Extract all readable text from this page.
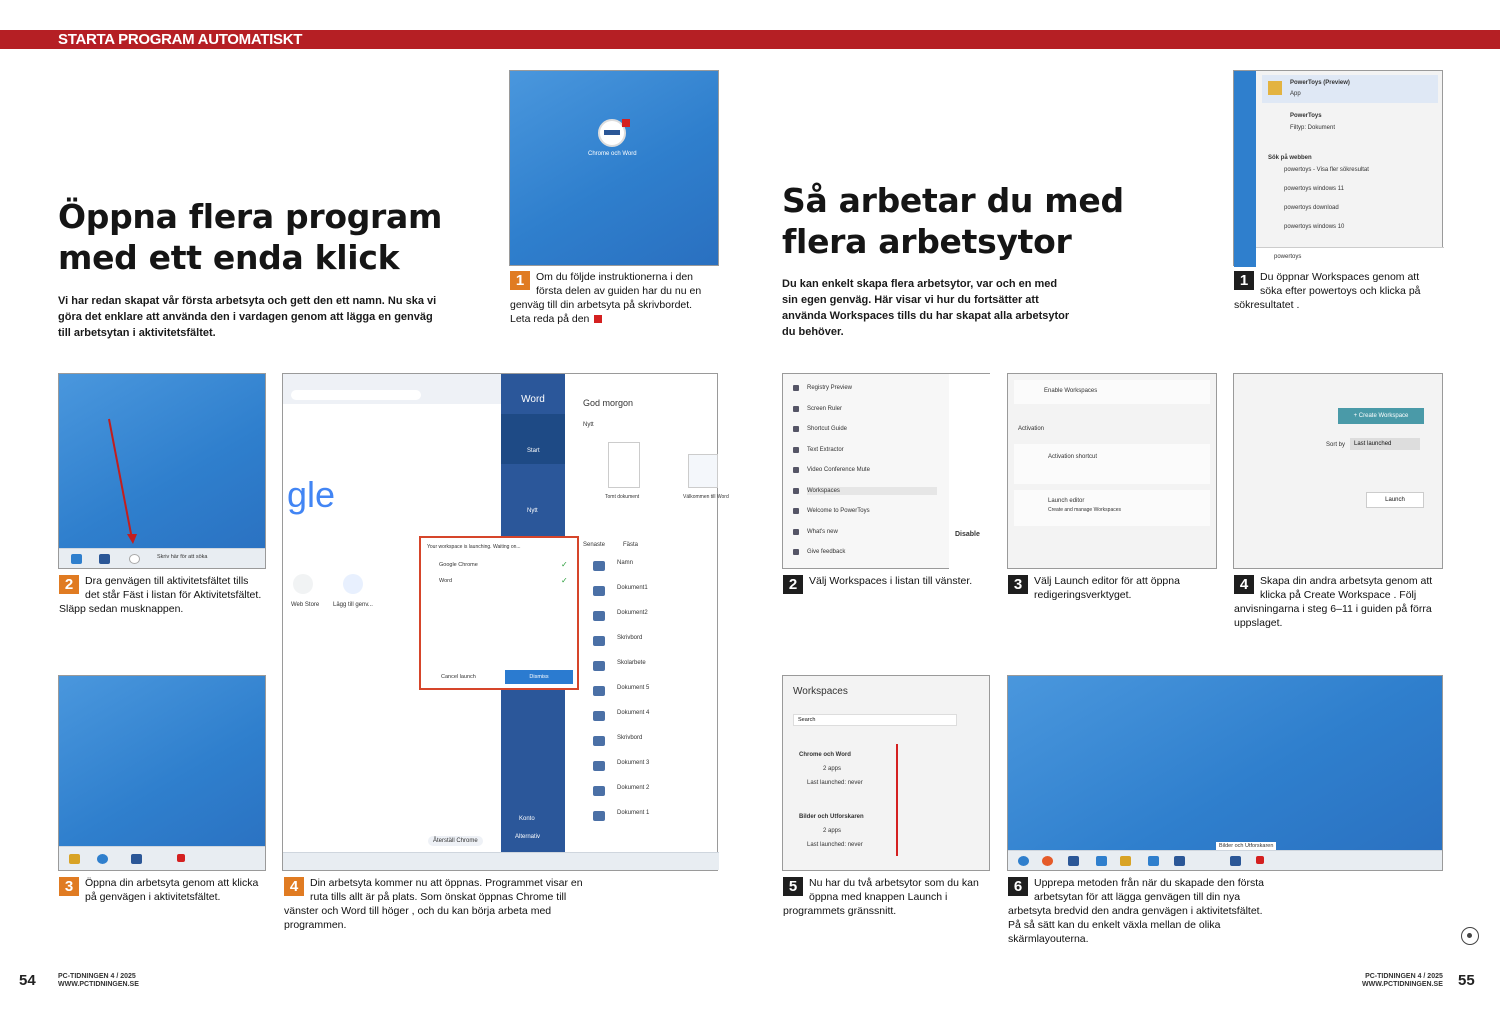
STARTA PROGRAM AUTOMATISKT
Öppna flera program med ett enda klick
Vi har redan skapat vår första arbetsyta och gett den ett namn. Nu ska vi göra det enklare att använda den i vardagen genom att lägga en genväg till arbetsytan i aktivitetsfältet.
Chrome och Word
1	Om du följde instruktionerna i den första delen av guiden har du nu en genväg till din arbetsyta på skrivbordet. Leta reda på den
Skriv här för att söka
2	Dra genvägen till aktivitetsfältet tills det står Fäst i listan för Aktivitetsfältet. Släpp sedan musknappen.
3	Öppna din arbetsyta genom att klicka på genvägen i aktivitetsfältet.
gle
Web Store Lägg till genv...
Återställ Chrome
Word
Start
Nytt
Konto
Alternativ
God morgon
Nytt
Tomt dokument	Välkommen till Word
Senaste	Fästa
Namn
Dokument1
Dokument2
Skrivbord
Skolarbete
Dokument 5
Dokument 4
Skrivbord
Dokument 3
Dokument 2
Dokument 1
Your workspace is launching. Waiting on...
Google Chrome
Word
✓
✓
Cancel launch	Dismiss
4	Din arbetsyta kommer nu att öppnas. Programmet visar en ruta tills allt är på plats. Som önskat öppnas Chrome till vänster och Word till höger , och du kan börja arbeta med programmen.
54	PC-TIDNINGEN 4 / 2025
WWW.PCTIDNINGEN.SE
Så arbetar du med flera arbetsytor
Du kan enkelt skapa flera arbetsytor, var och en med sin egen genväg. Här visar vi hur du fortsätter att använda Workspaces tills du har skapat alla arbetsytor du behöver.
PowerToys (Preview)
App
PowerToys
Filtyp: Dokument
Sök på webben
powertoys - Visa fler sökresultat
powertoys windows 11
powertoys download
powertoys windows 10
powertoys
1	Du öppnar Workspaces genom att söka efter powertoys och klicka på sökresultatet .
Registry Preview
Screen Ruler
Shortcut Guide
Text Extractor
Video Conference Mute
Workspaces
Welcome to PowerToys
What's new
Give feedback
Disable
2	Välj Workspaces i listan till vänster.
Enable Workspaces
Activation
Activation shortcut
Launch editor
Create and manage Workspaces
3	Välj Launch editor för att öppna redigeringsverktyget.
+ Create Workspace
Sort by	Last launched
Launch
4	Skapa din andra arbetsyta genom att klicka på Create Workspace . Följ anvisningarna i steg 6–11 i guiden på förra uppslaget.
Workspaces
Search
Chrome och Word
2 apps
Last launched: never
Bilder och Utforskaren
2 apps
Last launched: never
5	Nu har du två arbetsytor som du kan öppna med knappen Launch i programmets gränssnitt.
Bilder och Utforskaren
6	Upprepa metoden från när du skapade den första arbetsytan för att lägga genvägen till din nya arbetsyta bredvid den andra genvägen i aktivitetsfältet. På så sätt kan du enkelt växla mellan de olika skärmlayouterna.
PC-TIDNINGEN 4 / 2025
WWW.PCTIDNINGEN.SE 55
